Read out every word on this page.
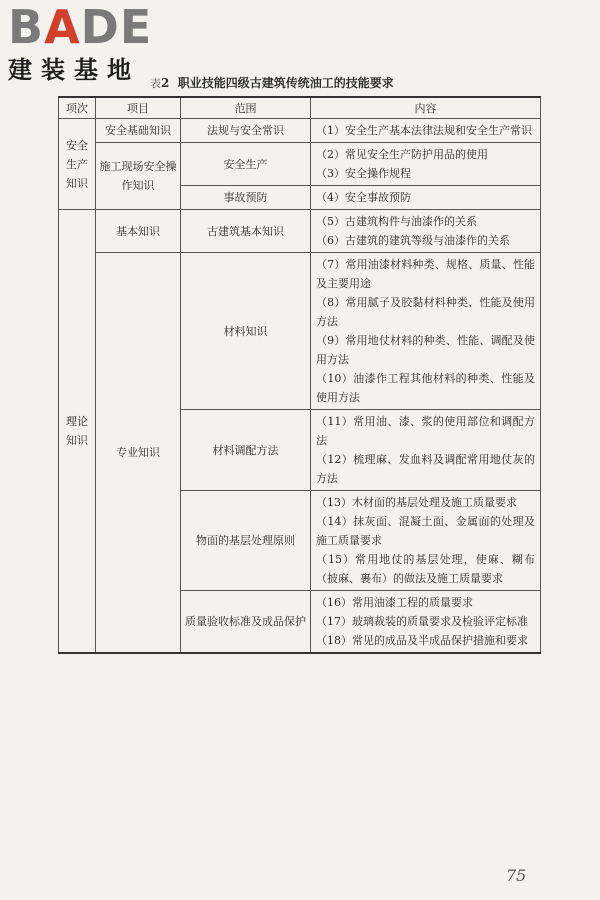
BADE
建装基地 表2 职业技能四级古建筑传统油工的技能要求
项次	项目	范围	内容
安全生产知识	安全基础知识	法规与安全常识	（1）安全生产基本法律法规和安全生产常识

	施工现场安全操作知识	安全生产	（2）常见安全生产防护用品的使用
（3）安全操作规程

		事故预防	（4）安全事故预防

理论知识	基本知识	古建筑基本知识	（5）古建筑构件与油漆作的关系
（6）古建筑的建筑等级与油漆作的关系

	专业知识	材料知识	（7）常用油漆材料种类、规格、质量、性能及主要用途
（8）常用腻子及胶黏材料种类、性能及使用方法
（9）常用地仗材料的种类、性能、调配及使用方法
（10）油漆作工程其他材料的种类、性能及使用方法

		材料调配方法	（11）常用油、漆、浆的使用部位和调配方法
（12）梳理麻、发血料及调配常用地仗灰的方法

		物面的基层处理原则	（13）木材面的基层处理及施工质量要求
（14）抹灰面、混凝土面、金属面的处理及施工质量要求
（15）常用地仗的基层处理，使麻、糊布（披麻、裹布）的做法及施工质量要求

		质量验收标准及成品保护	（16）常用油漆工程的质量要求
（17）玻璃裁装的质量要求及检验评定标准
（18）常见的成品及半成品保护措施和要求
75
